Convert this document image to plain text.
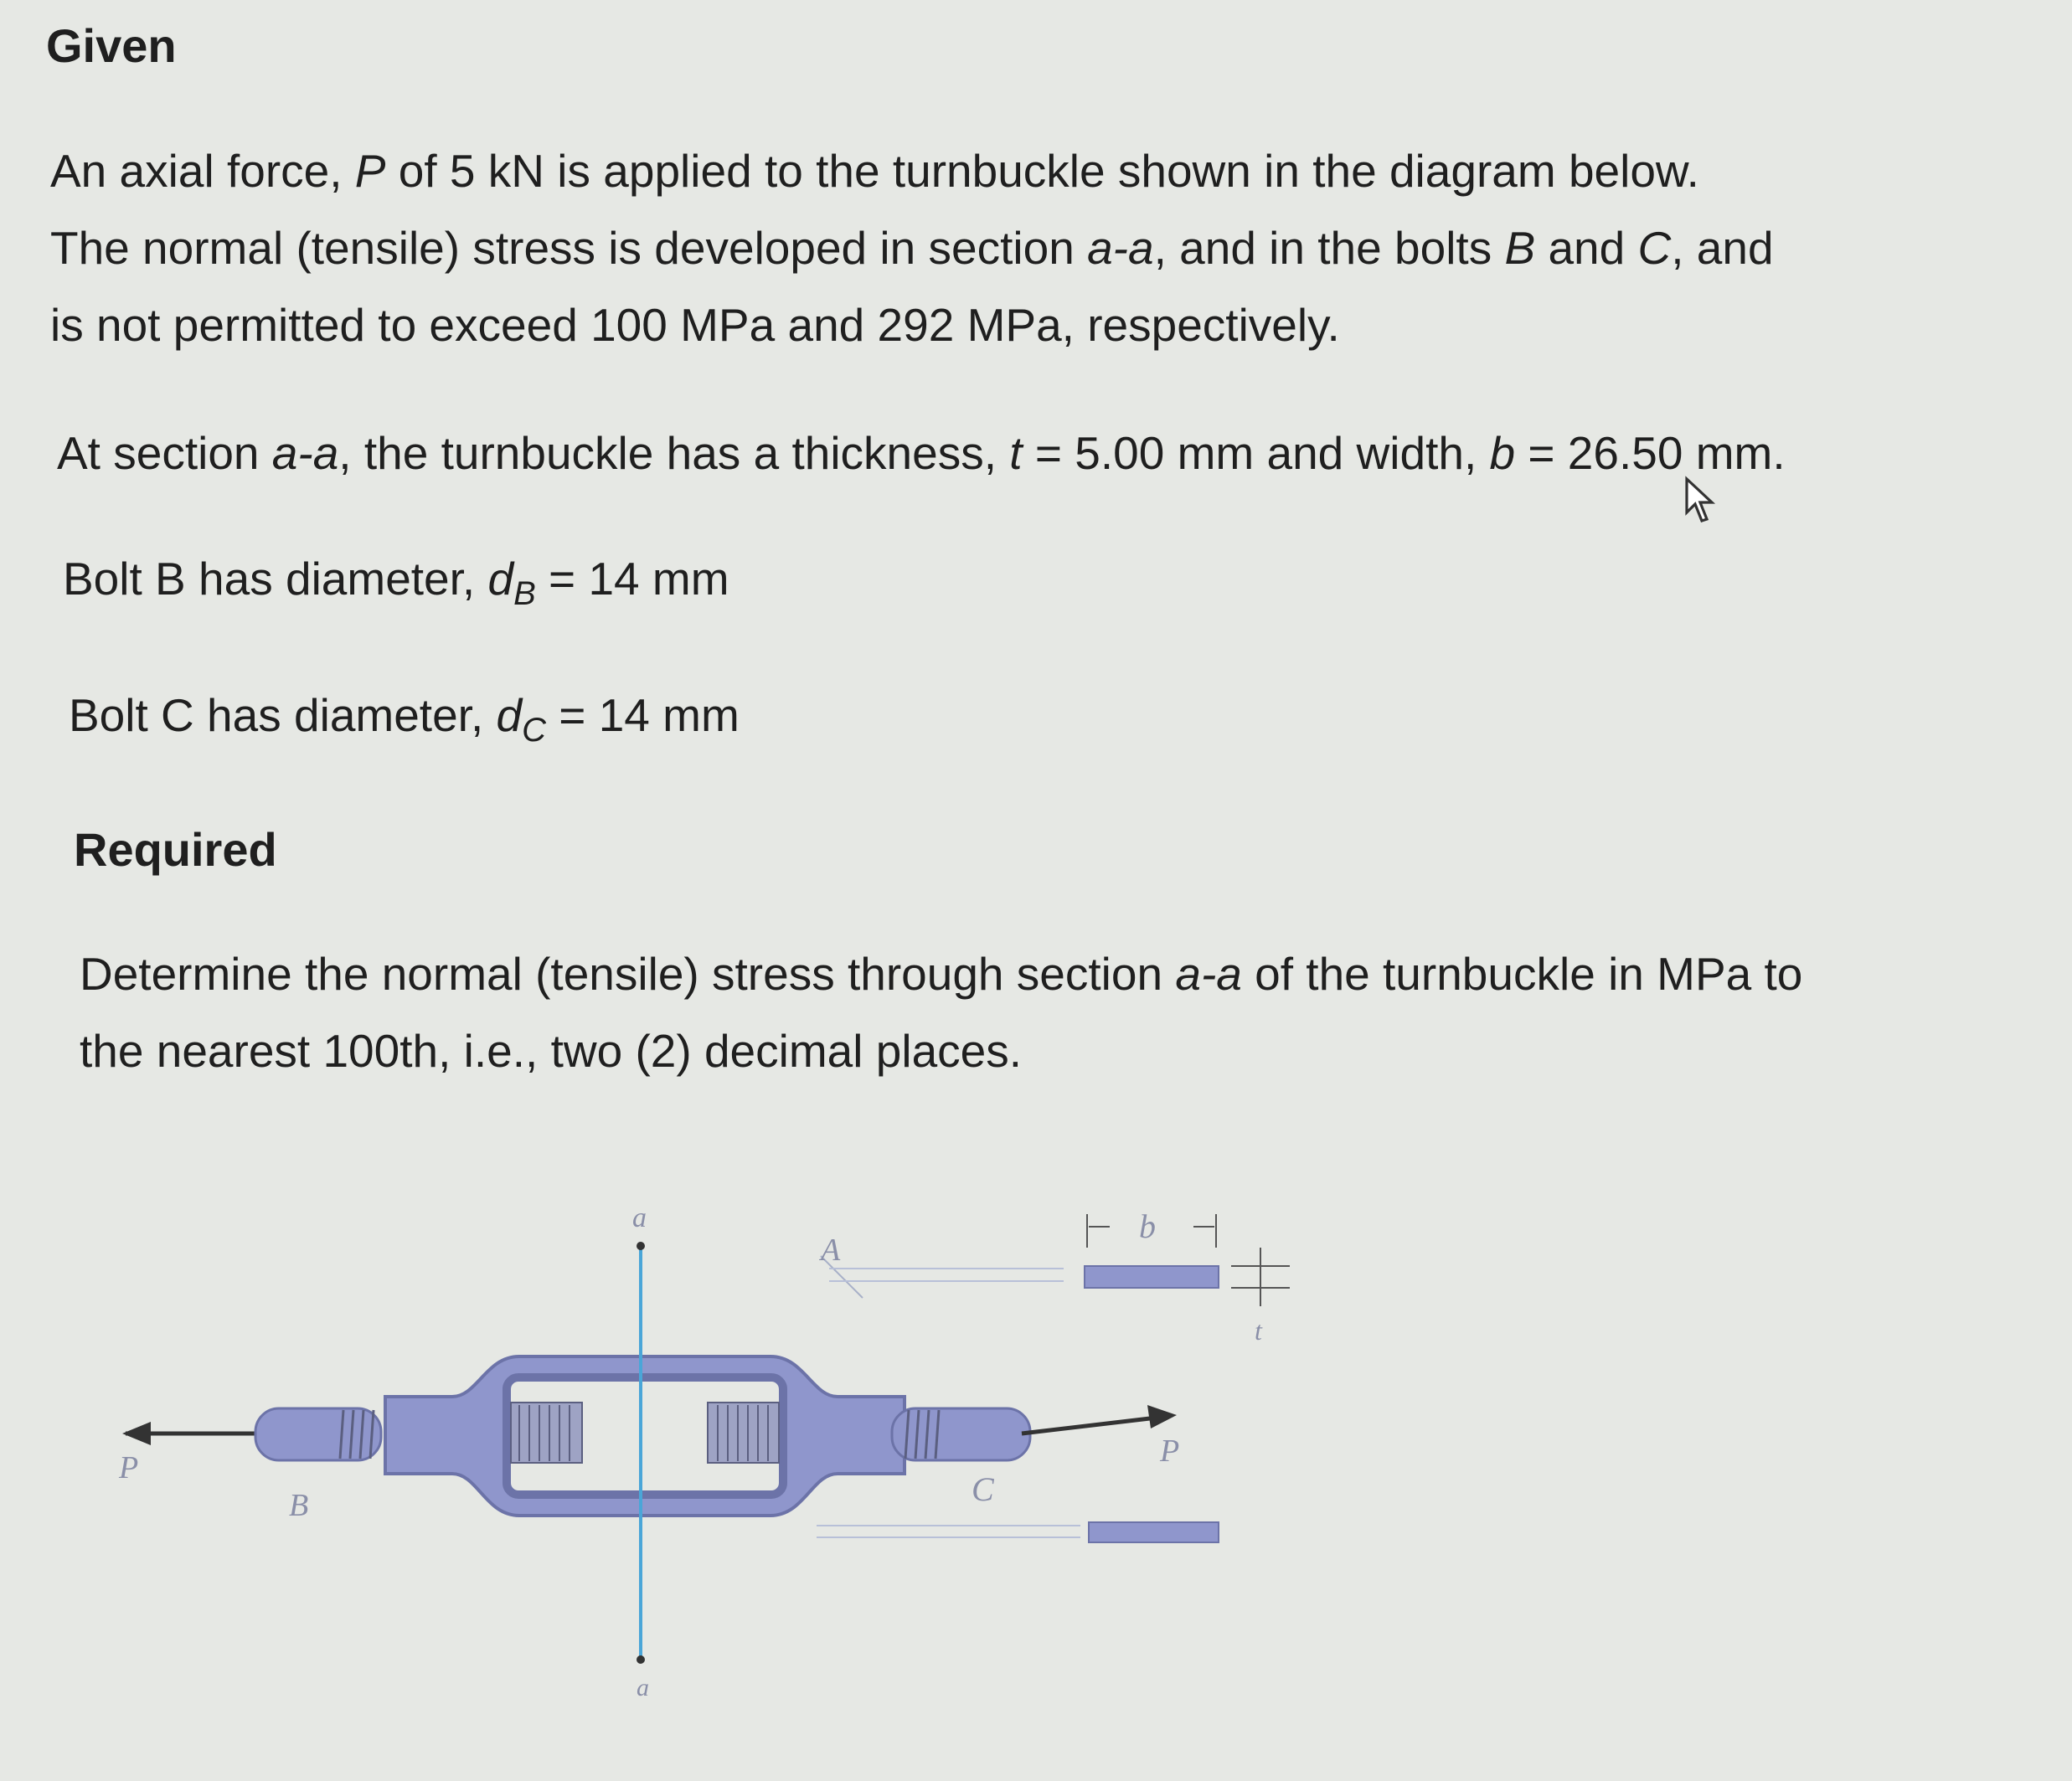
Given
An axial force, P of 5 kN is applied to the turnbuckle shown in the diagram below.
The normal (tensile) stress is developed in section a-a, and in the bolts B and C, and
is not permitted to exceed 100 MPa and 292 MPa, respectively.
At section a-a, the turnbuckle has a thickness, t = 5.00 mm and width, b = 26.50 mm.
Bolt B has diameter, $d_B = 14$ mm
Bolt C has diameter, $d_C = 14$ mm
Required
Determine the normal (tensile) stress through section a-a of the turnbuckle in MPa to
the nearest 100th, i.e., two (2) decimal places.
a
a
A
b
t
P	P
B	C
